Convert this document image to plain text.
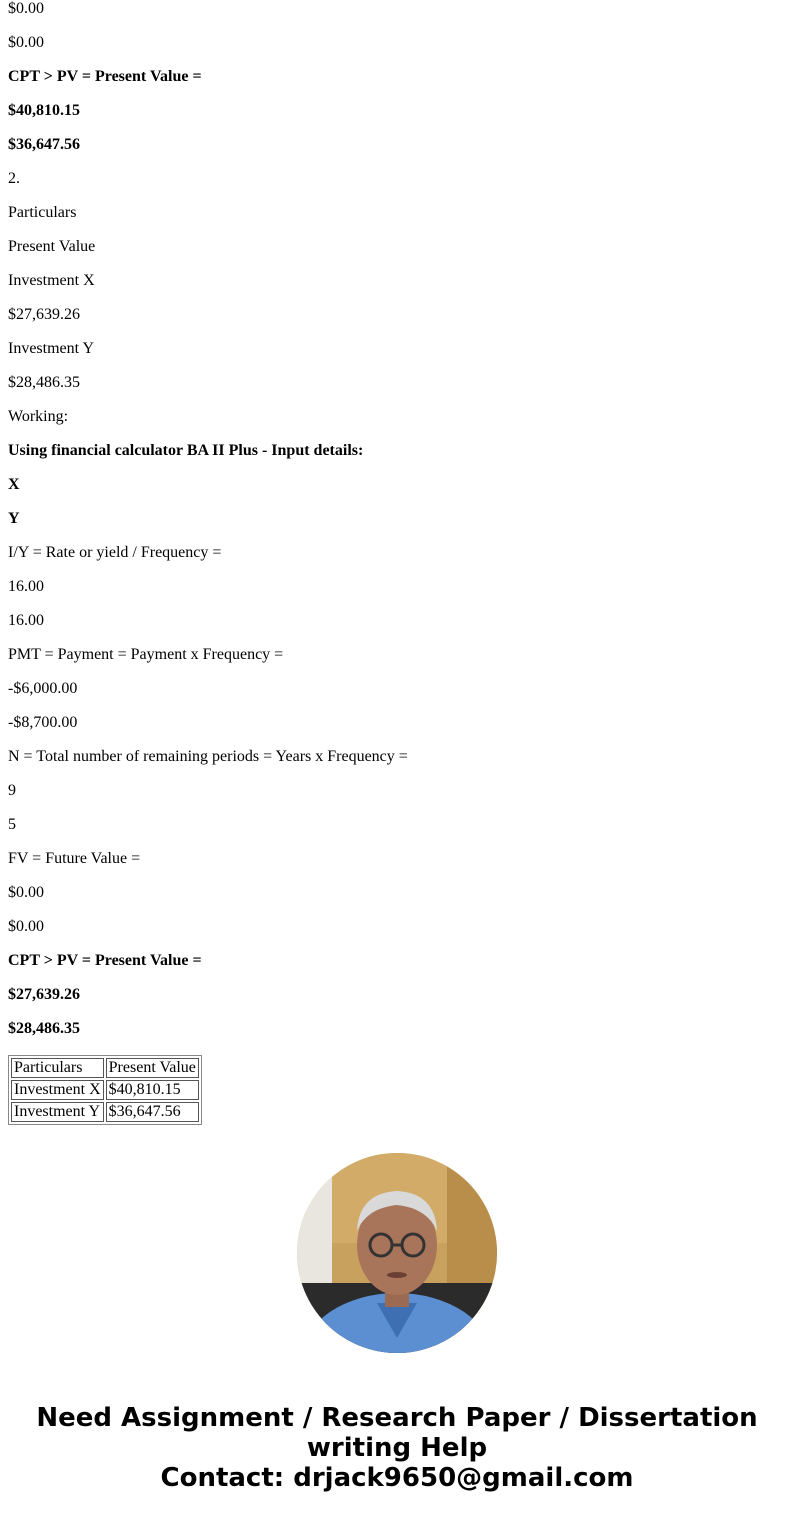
$0.00

$0.00

CPT > PV = Present Value =

$40,810.15

$36,647.56

2.

Particulars

Present Value

Investment X

$27,639.26

Investment Y

$28,486.35

Working:

Using financial calculator BA II Plus - Input details:

X

Y

I/Y = Rate or yield / Frequency =

16.00

16.00

PMT = Payment = Payment x Frequency =

-$6,000.00

-$8,700.00

N = Total number of remaining periods = Years x Frequency =

9

5

FV = Future Value =

$0.00

$0.00

CPT > PV = Present Value =

$27,639.26

$28,486.35

Particulars	Present Value
Investment X	$40,810.15
Investment Y	$36,647.56
Need Assignment / Research Paper / Dissertation
writing Help
Contact: drjack9650@gmail.com
